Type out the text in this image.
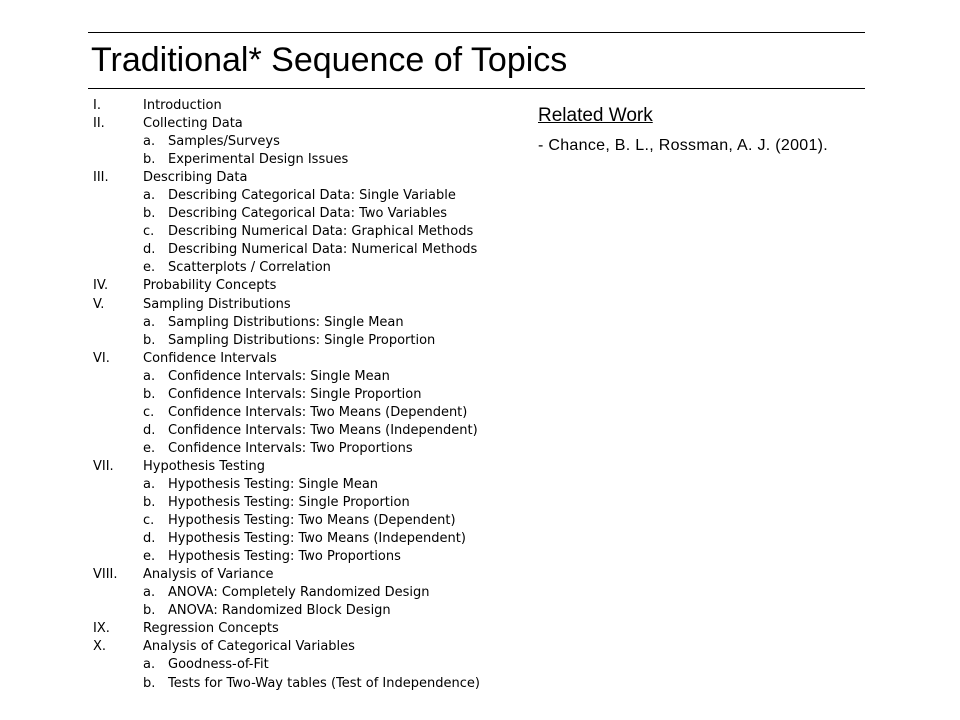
Traditional* Sequence of Topics
I.	Introduction
II.	Collecting Data
a. Samples/Surveys
b. Experimental Design Issues
III.	Describing Data
a. Describing Categorical Data: Single Variable
b. Describing Categorical Data: Two Variables
c. Describing Numerical Data: Graphical Methods
d. Describing Numerical Data: Numerical Methods
e. Scatterplots / Correlation
IV.	Probability Concepts
V.	Sampling Distributions
a. Sampling Distributions: Single Mean
b. Sampling Distributions: Single Proportion
VI.	Confidence Intervals
a. Confidence Intervals: Single Mean
b. Confidence Intervals: Single Proportion
c. Confidence Intervals: Two Means (Dependent)
d. Confidence Intervals: Two Means (Independent)
e. Confidence Intervals: Two Proportions
VII. Hypothesis Testing
a. Hypothesis Testing: Single Mean
b. Hypothesis Testing: Single Proportion
c. Hypothesis Testing: Two Means (Dependent)
d. Hypothesis Testing: Two Means (Independent)
e. Hypothesis Testing: Two Proportions
VIII. Analysis of Variance
a. ANOVA: Completely Randomized Design
b. ANOVA: Randomized Block Design
IX.	Regression Concepts
X.	Analysis of Categorical Variables
a. Goodness-of-Fit
b. Tests for Two-Way tables (Test of Independence)
Related Work
- Chance, B. L., Rossman, A. J. (2001).
